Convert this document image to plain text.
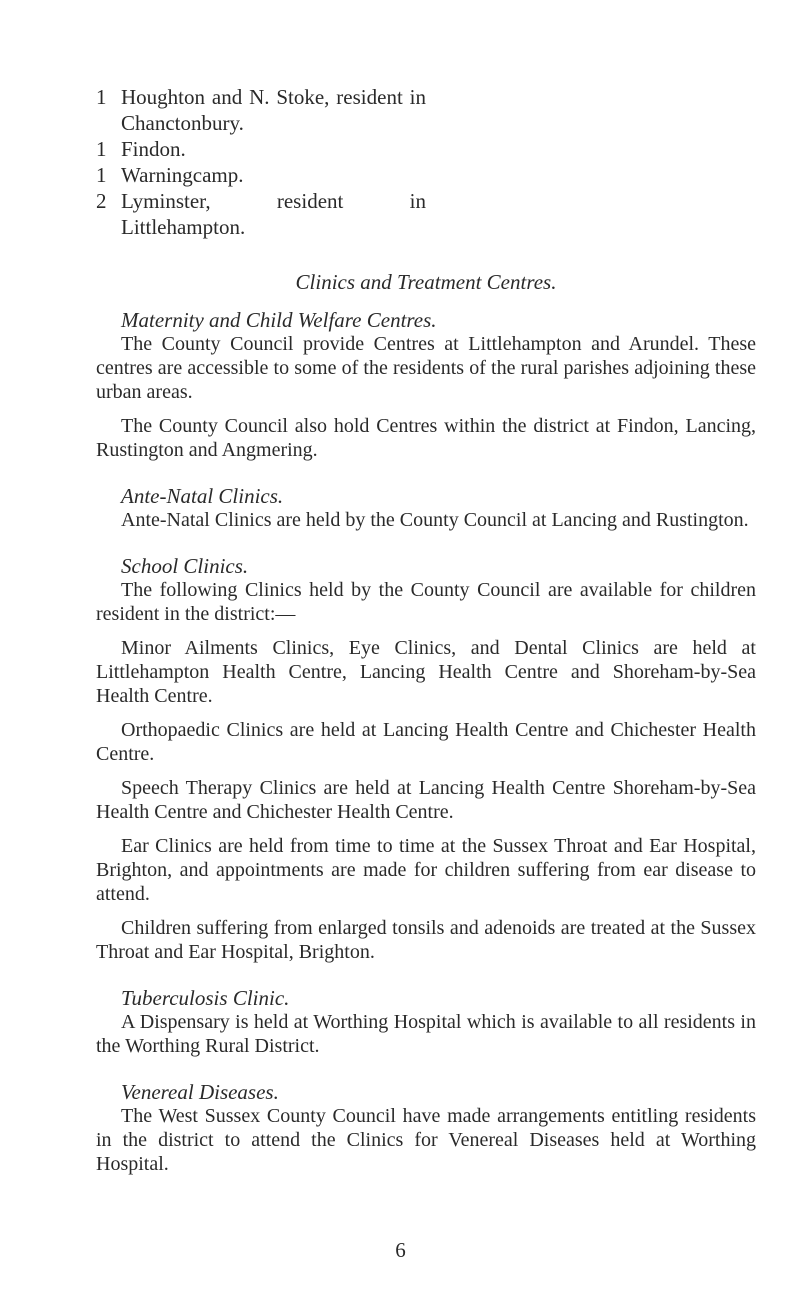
1 Houghton and N. Stoke, resident in Chanctonbury.
1 Findon.
1 Warningcamp.
2 Lyminster, resident in Littlehampton.
Clinics and Treatment Centres.
Maternity and Child Welfare Centres.

The County Council provide Centres at Littlehampton and Arundel. These centres are accessible to some of the residents of the rural parishes adjoining these urban areas.

The County Council also hold Centres within the district at Findon, Lancing, Rustington and Angmering.

Ante-Natal Clinics.

Ante-Natal Clinics are held by the County Council at Lancing and Rustington.

School Clinics.

The following Clinics held by the County Council are available for children resident in the district:—

Minor Ailments Clinics, Eye Clinics, and Dental Clinics are held at Littlehampton Health Centre, Lancing Health Centre and Shoreham-by-Sea Health Centre.

Orthopaedic Clinics are held at Lancing Health Centre and Chichester Health Centre.

Speech Therapy Clinics are held at Lancing Health Centre Shoreham-by-Sea Health Centre and Chichester Health Centre.

Ear Clinics are held from time to time at the Sussex Throat and Ear Hospital, Brighton, and appointments are made for children suffering from ear disease to attend.

Children suffering from enlarged tonsils and adenoids are treated at the Sussex Throat and Ear Hospital, Brighton.

Tuberculosis Clinic.

A Dispensary is held at Worthing Hospital which is available to all residents in the Worthing Rural District.

Venereal Diseases.

The West Sussex County Council have made arrangements entitling residents in the district to attend the Clinics for Venereal Diseases held at Worthing Hospital.

6
